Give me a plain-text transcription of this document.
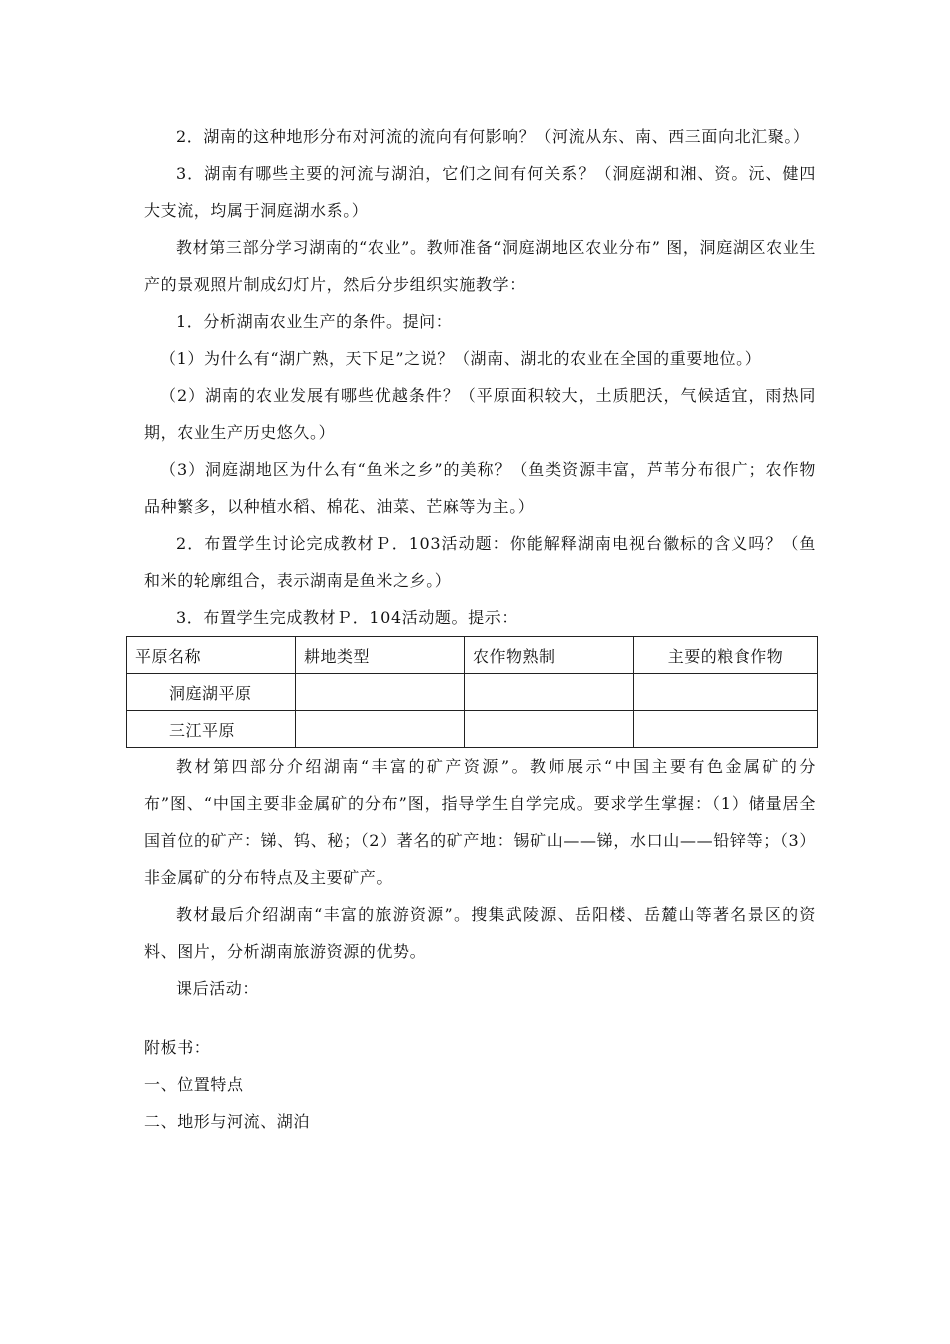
2．湖南的这种地形分布对河流的流向有何影响？（河流从东、南、西三面向北汇聚。）

3．湖南有哪些主要的河流与湖泊，它们之间有何关系？（洞庭湖和湘、资。沅、健四大支流，均属于洞庭湖水系。）

教材第三部分学习湖南的“农业”。教师准备“洞庭湖地区农业分布” 图，洞庭湖区农业生产的景观照片制成幻灯片，然后分步组织实施教学：

1．分析湖南农业生产的条件。提问：

（1）为什么有“湖广熟，天下足”之说？（湖南、湖北的农业在全国的重要地位。）

（2）湖南的农业发展有哪些优越条件？（平原面积较大，土质肥沃，气候适宜，雨热同期，农业生产历史悠久。）

（3）洞庭湖地区为什么有“鱼米之乡”的美称？（鱼类资源丰富，芦苇分布很广；农作物品种繁多，以种植水稻、棉花、油菜、芒麻等为主。）

2．布置学生讨论完成教材Ｐ．103活动题：你能解释湖南电视台徽标的含义吗？（鱼和米的轮廓组合，表示湖南是鱼米之乡。）

3．布置学生完成教材Ｐ．104活动题。提示：

平原名称	耕地类型	农作物熟制	主要的粮食作物
洞庭湖平原			
三江平原			

教材第四部分介绍湖南“丰富的矿产资源”。教师展示“中国主要有色金属矿的分布”图、“中国主要非金属矿的分布”图，指导学生自学完成。要求学生掌握：（1）储量居全国首位的矿产：锑、钨、秘；（2）著名的矿产地：锡矿山——锑，水口山——铅锌等；（3）非金属矿的分布特点及主要矿产。

教材最后介绍湖南“丰富的旅游资源”。搜集武陵源、岳阳楼、岳麓山等著名景区的资料、图片，分析湖南旅游资源的优势。

课后活动：

附板书：

一、位置特点

二、地形与河流、湖泊
